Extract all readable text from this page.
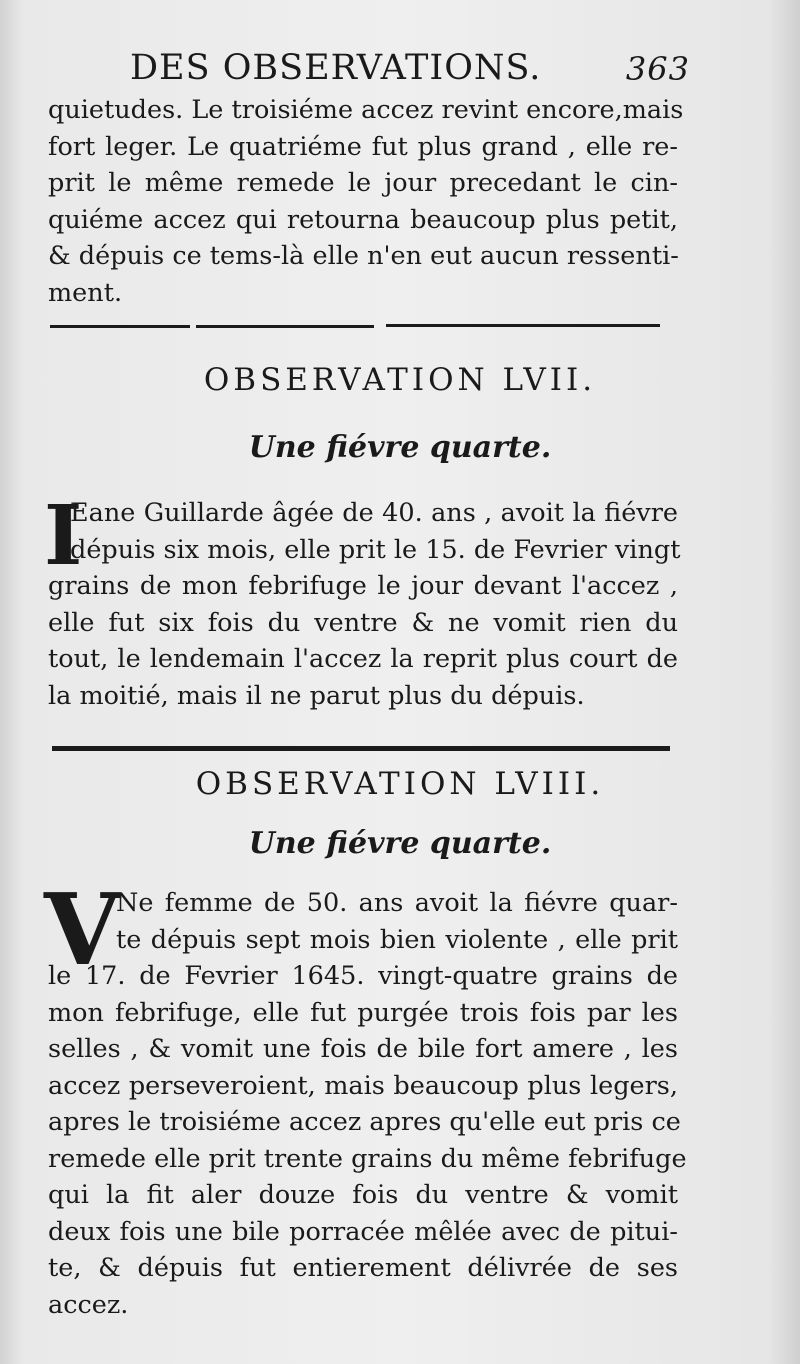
DES OBSERVATIONS.	363
quietudes. Le troisiéme accez revint encore,mais
fort leger. Le quatriéme fut plus grand , elle re-
prit le même remede le jour precedant le cin-
quiéme accez qui retourna beaucoup plus petit,
& dépuis ce tems-là elle n'en eut aucun ressenti-
ment.
OBSERVATION LVII.
Une fiévre quarte.
I
Eane Guillarde âgée de 40. ans , avoit la fiévre
dépuis six mois, elle prit le 15. de Fevrier vingt
grains de mon febrifuge le jour devant l'accez ,
elle fut six fois du ventre & ne vomit rien du
tout, le lendemain l'accez la reprit plus court de
la moitié, mais il ne parut plus du dépuis.
OBSERVATION LVIII.
Une fiévre quarte.
V
Ne femme de 50. ans avoit la fiévre quar-
te dépuis sept mois bien violente , elle prit
le 17. de Fevrier 1645. vingt-quatre grains de
mon febrifuge, elle fut purgée trois fois par les
selles , & vomit une fois de bile fort amere , les
accez perseveroient, mais beaucoup plus legers,
apres le troisiéme accez apres qu'elle eut pris ce
remede elle prit trente grains du même febrifuge
qui la fit aler douze fois du ventre & vomit
deux fois une bile porracée mêlée avec de pitui-
te, & dépuis fut entierement délivrée de ses
accez.
